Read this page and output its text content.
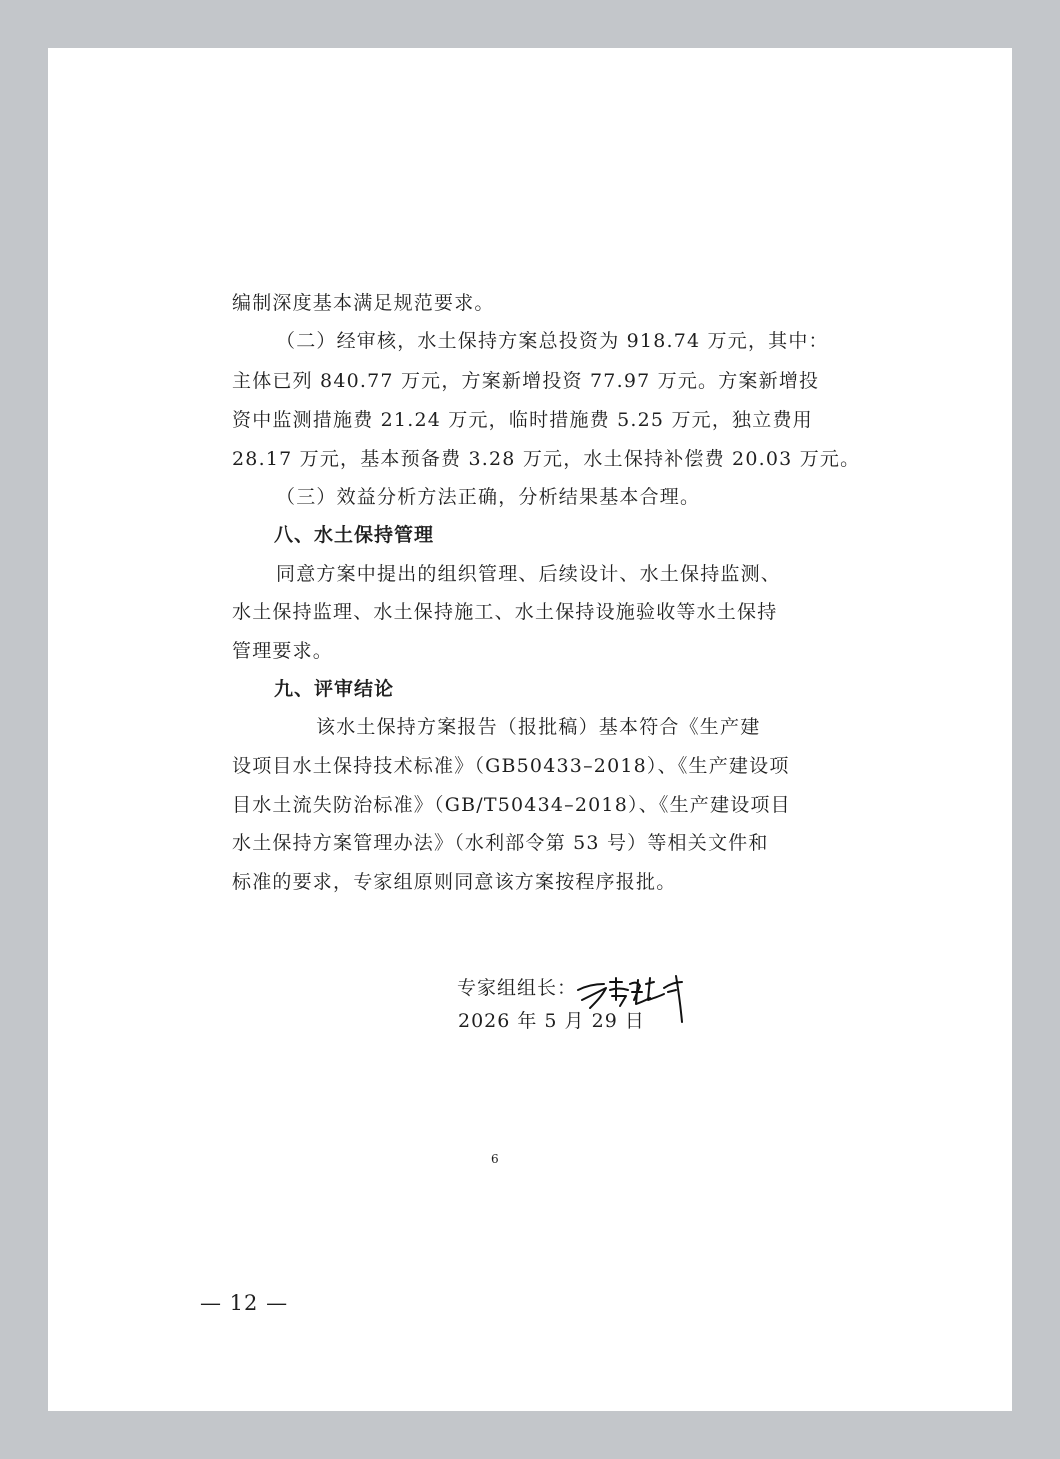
编制深度基本满足规范要求。
（二）经审核，水土保持方案总投资为 918.74 万元，其中：
主体已列 840.77 万元，方案新增投资 77.97 万元。方案新增投
资中监测措施费 21.24 万元，临时措施费 5.25 万元，独立费用
28.17 万元，基本预备费 3.28 万元，水土保持补偿费 20.03 万元。
（三）效益分析方法正确，分析结果基本合理。
八、水土保持管理
同意方案中提出的组织管理、后续设计、水土保持监测、
水土保持监理、水土保持施工、水土保持设施验收等水土保持
管理要求。
九、评审结论
该水土保持方案报告（报批稿）基本符合《生产建
设项目水土保持技术标准》（GB50433–2018）、《生产建设项
目水土流失防治标准》（GB/T50434–2018）、《生产建设项目
水土保持方案管理办法》（水利部令第 53 号）等相关文件和
标准的要求，专家组原则同意该方案按程序报批。
专家组组长：
2026 年 5 月 29 日
6
— 12 —
